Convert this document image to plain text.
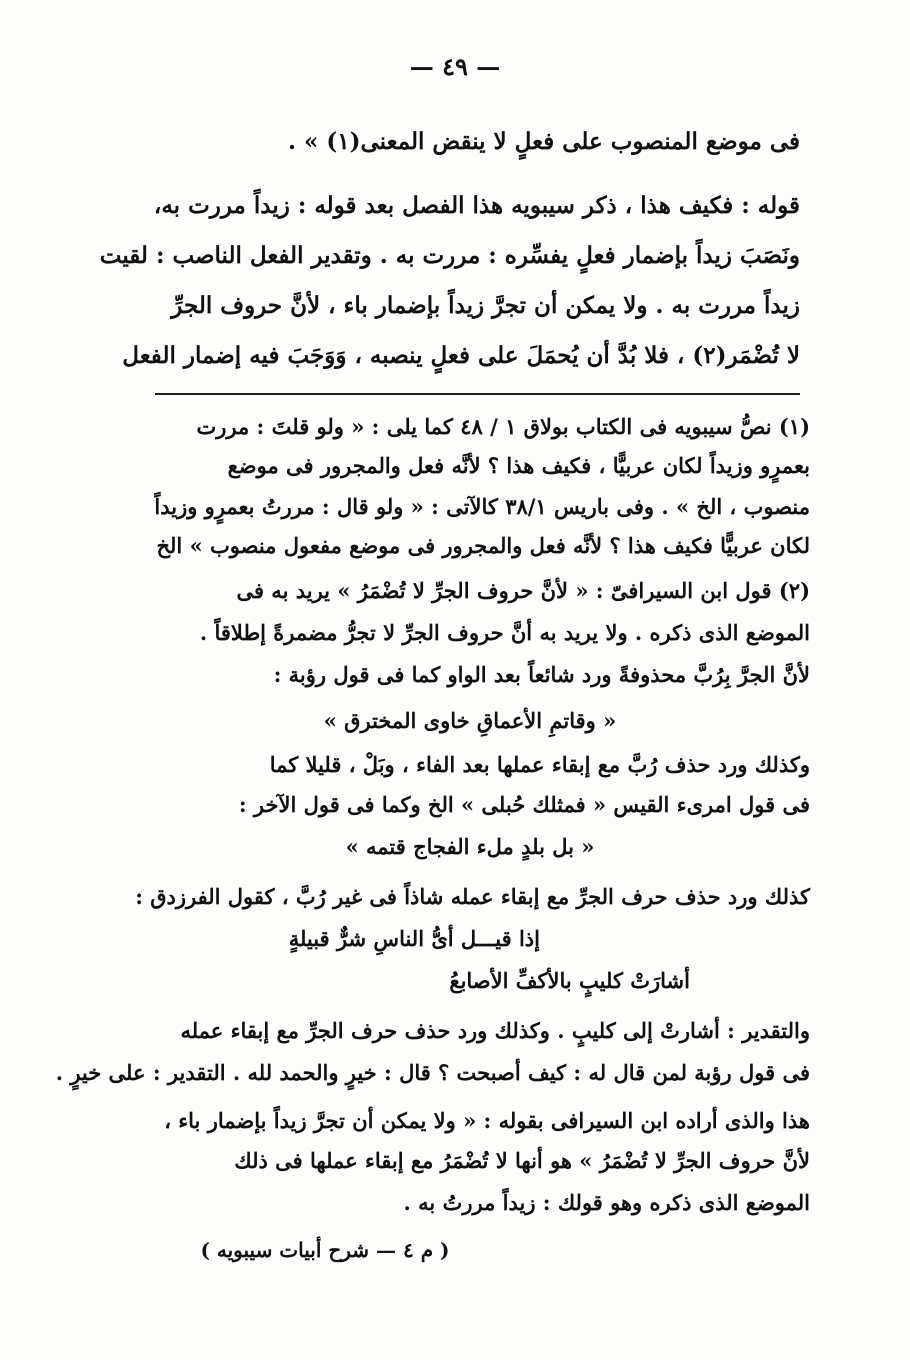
— ٤٩ —
فى موضع المنصوب على فعلٍ لا ينقض المعنى(١) » .
قوله : فكيف هذا ، ذكر سيبويه هذا الفصل بعد قوله : زيداً مررت به،
ونَصَبَ زيداً بإضمار فعلٍ يفسِّره : مررت به . وتقدير الفعل الناصب : لقيت
زيداً مررت به . ولا يمكن أن تجرَّ زيداً بإضمار باء ، لأنَّ حروف الجرِّ
لا تُضْمَر(٢) ، فلا بُدَّ أن يُحمَلَ على فعلٍ ينصبه ، وَوَجَبَ فيه إضمار الفعل
(١) نصُّ سيبويه فى الكتاب بولاق ١ / ٤٨ كما يلى : « ولو قلتَ : مررت
بعمرٍو وزيداً لكان عربيًّا ، فكيف هذا ؟ لأنَّه فعل والمجرور فى موضع
منصوب ، الخ » . وفى باريس ٣٨/١ كالآتى : « ولو قال : مررتُ بعمرٍو وزيداً
لكان عربيًّا فكيف هذا ؟ لأنَّه فعل والمجرور فى موضع مفعول منصوب » الخ
(٢) قول ابن السيرافىّ : « لأنَّ حروف الجرِّ لا تُضْمَرُ » يريد به فى
الموضع الذى ذكره . ولا يريد به أنَّ حروف الجرِّ لا تجرُّ مضمرةً إطلاقاً .
لأنَّ الجرَّ بِرُبَّ محذوفةً ورد شائعاً بعد الواو كما فى قول رؤبة :
« وقاتمِ الأعماقِ خاوى المخترق »
وكذلك ورد حذف رُبَّ مع إبقاء عملها بعد الفاء ، وبَلْ ، قليلا كما
فى قول امرىء القيس « فمثلك حُبلى » الخ وكما فى قول الآخر :
« بل بلدٍ ملء الفجاج قتمه »
كذلك ورد حذف حرف الجرِّ مع إبقاء عمله شاذاً فى غير رُبَّ ، كقول الفرزدق :
إذا قيـــل أىُّ الناسِ شرٌّ قبيلةٍ
أشارَتْ كليبٍ بالأكفِّ الأصابعُ
والتقدير : أشارتْ إلى كليبٍ . وكذلك ورد حذف حرف الجرِّ مع إبقاء عمله
فى قول رؤبة لمن قال له : كيف أصبحت ؟ قال : خيرٍ والحمد لله . التقدير : على خيرٍ .
هذا والذى أراده ابن السيرافى بقوله : « ولا يمكن أن تجرَّ زيداً بإضمار باء ،
لأنَّ حروف الجرِّ لا تُضْمَرُ » هو أنها لا تُضْمَرُ مع إبقاء عملها فى ذلك
الموضع الذى ذكره وهو قولك : زيداً مررتُ به .
( م ٤ — شرح أبيات سيبويه )
